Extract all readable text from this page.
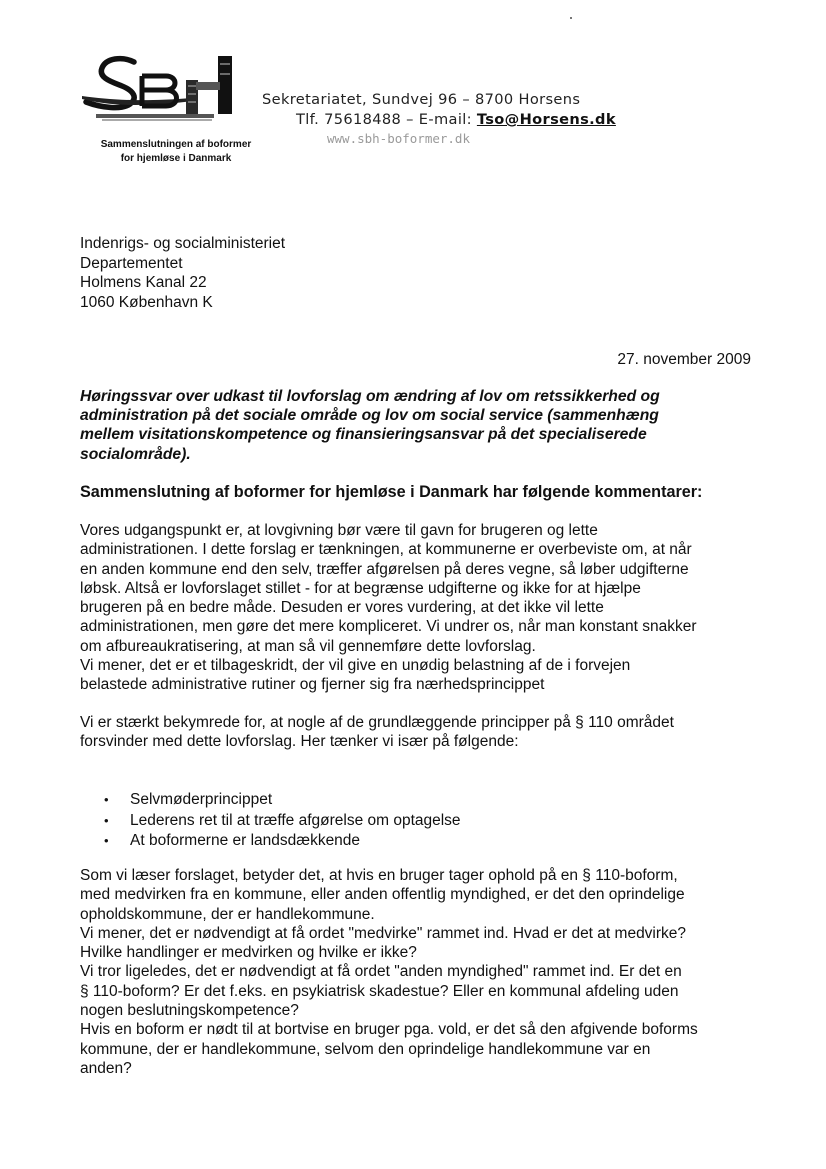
Sammenslutningen af boformer
for hjemløse i Danmark
Sekretariatet, Sundvej 96 – 8700 Horsens
Tlf. 75618488 – E-mail: Tso@Horsens.dk
www.sbh-boformer.dk
Indenrigs- og socialministeriet
Departementet
Holmens Kanal 22
1060 København K
27. november 2009
Høringssvar over udkast til lovforslag om ændring af lov om retssikkerhed og
administration på det sociale område og lov om social service (sammenhæng
mellem visitationskompetence og finansieringsansvar på det specialiserede
socialområde).
Sammenslutning af boformer for hjemløse i Danmark har følgende kommentarer:
Vores udgangspunkt er, at lovgivning bør være til gavn for brugeren og lette
administrationen. I dette forslag er tænkningen, at kommunerne er overbeviste om, at når
en anden kommune end den selv, træffer afgørelsen på deres vegne, så løber udgifterne
løbsk. Altså er lovforslaget stillet - for at begrænse udgifterne og ikke for at hjælpe
brugeren på en bedre måde. Desuden er vores vurdering, at det ikke vil lette
administrationen, men gøre det mere kompliceret. Vi undrer os, når man konstant snakker
om afbureaukratisering, at man så vil gennemføre dette lovforslag.
Vi mener, det er et tilbageskridt, der vil give en unødig belastning af de i forvejen
belastede administrative rutiner og fjerner sig fra nærhedsprincippet
Vi er stærkt bekymrede for, at nogle af de grundlæggende principper på § 110 området
forsvinder med dette lovforslag. Her tænker vi især på følgende:
• Selvmøderprincippet
• Lederens ret til at træffe afgørelse om optagelse
• At boformerne er landsdækkende
Som vi læser forslaget, betyder det, at hvis en bruger tager ophold på en § 110-boform,
med medvirken fra en kommune, eller anden offentlig myndighed, er det den oprindelige
opholdskommune, der er handlekommune.
Vi mener, det er nødvendigt at få ordet "medvirke" rammet ind. Hvad er det at medvirke?
Hvilke handlinger er medvirken og hvilke er ikke?
Vi tror ligeledes, det er nødvendigt at få ordet "anden myndighed" rammet ind. Er det en
§ 110-boform? Er det f.eks. en psykiatrisk skadestue? Eller en kommunal afdeling uden
nogen beslutningskompetence?
Hvis en boform er nødt til at bortvise en bruger pga. vold, er det så den afgivende boforms
kommune, der er handlekommune, selvom den oprindelige handlekommune var en
anden?
